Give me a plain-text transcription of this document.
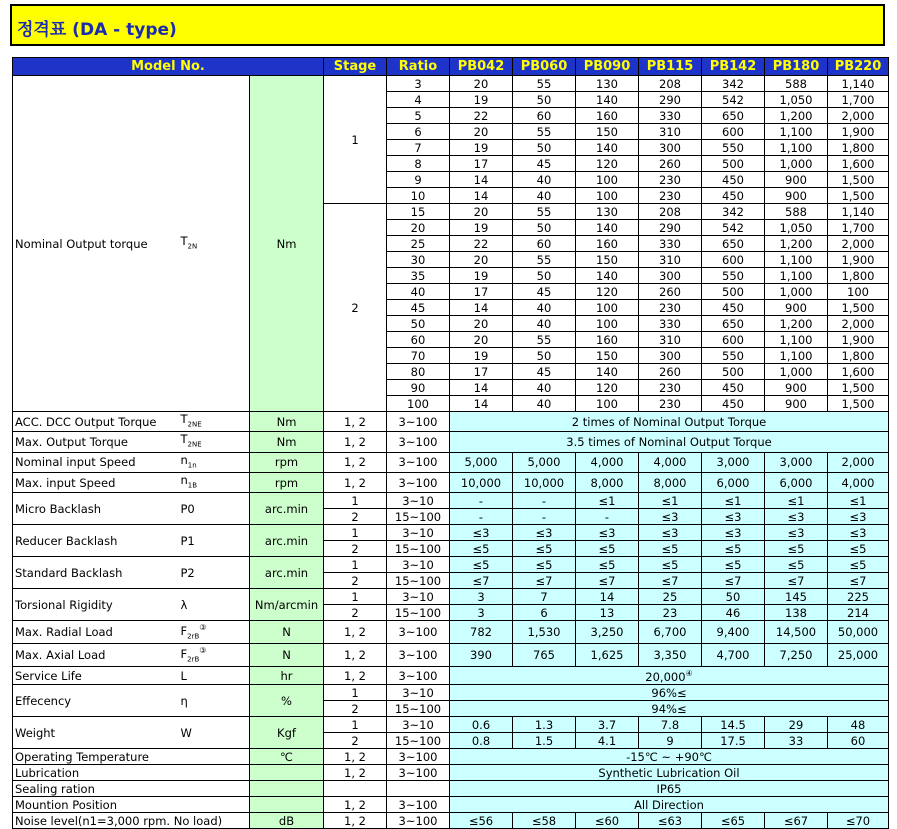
정격표 (DA - type)
Model No.			Stage	Ratio	PB042	PB060	PB090	PB115	PB142	PB180	PB220
Nominal Output torque	$T_{2N}$	Nm	1	3	20	55	130	208	342	588	1,140
				4	19	50	140	290	542	1,050	1,700
				5	22	60	160	330	650	1,200	2,000
				6	20	55	150	310	600	1,100	1,900
				7	19	50	140	300	550	1,100	1,800
				8	17	45	120	260	500	1,000	1,600
				9	14	40	100	230	450	900	1,500
				10	14	40	100	230	450	900	1,500
			2	15	20	55	130	208	342	588	1,140
				20	19	50	140	290	542	1,050	1,700
				25	22	60	160	330	650	1,200	2,000
				30	20	55	150	310	600	1,100	1,900
				35	19	50	140	300	550	1,100	1,800
				40	17	45	120	260	500	1,000	100
				45	14	40	100	230	450	900	1,500
				50	20	40	100	330	650	1,200	2,000
				60	20	55	160	310	600	1,100	1,900
				70	19	50	150	300	550	1,100	1,800
				80	17	45	140	260	500	1,000	1,600
				90	14	40	120	230	450	900	1,500
				100	14	40	100	230	450	900	1,500
ACC. DCC Output Torque	$T_{2NE}$	Nm	1, 2	3~100	2 times of Nominal Output Torque						
Max. Output Torque	$T_{2NE}$	Nm	1, 2	3~100	3.5 times of Nominal Output Torque						
Nominal input Speed	$n_{1n}$	rpm	1, 2	3~100	5,000	5,000	4,000	4,000	3,000	3,000	2,000
Max. input Speed	$n_{1B}$	rpm	1, 2	3~100	10,000	10,000	8,000	8,000	6,000	6,000	4,000
Micro Backlash	P0	arc.min	1	3~10	-	-	≤1	≤1	≤1	≤1	≤1
			2	15~100	-	-	-	≤3	≤3	≤3	≤3
Reducer Backlash	P1	arc.min	1	3~10	≤3	≤3	≤3	≤3	≤3	≤3	≤3
			2	15~100	≤5	≤5	≤5	≤5	≤5	≤5	≤5
Standard Backlash	P2	arc.min	1	3~10	≤5	≤5	≤5	≤5	≤5	≤5	≤5
			2	15~100	≤7	≤7	≤7	≤7	≤7	≤7	≤7
Torsional Rigidity	λ	Nm/arcmin	1	3~10	3	7	14	25	50	145	225
			2	15~100	3	6	13	23	46	138	214
Max. Radial Load	$F_{2rB}^③$	N	1, 2	3~100	782	1,530	3,250	6,700	9,400	14,500	50,000
Max. Axial Load	$F_{2rB}^③$	N	1, 2	3~100	390	765	1,625	3,350	4,700	7,250	25,000
Service Life	L	hr	1, 2	3~100	20,000④
Effecency	η	%	1	3~10	96%≤						
			2	15~100	94%≤						
Weight	W	Kgf	1	3~10	0.6	1.3	3.7	7.8	14.5	29	48
			2	15~100	0.8	1.5	4.1	9	17.5	33	60
Operating Temperature		℃	1, 2	3~100	-15℃ ~ +90℃						
Lubrication			1, 2	3~100	Synthetic Lubrication Oil						
Sealing ration					IP65						
Mountion Position			1, 2	3~100	All Direction						
Noise level(n1=3,000 rpm. No load)		dB	1, 2	3~100	≤56	≤58	≤60	≤63	≤65	≤67	≤70
